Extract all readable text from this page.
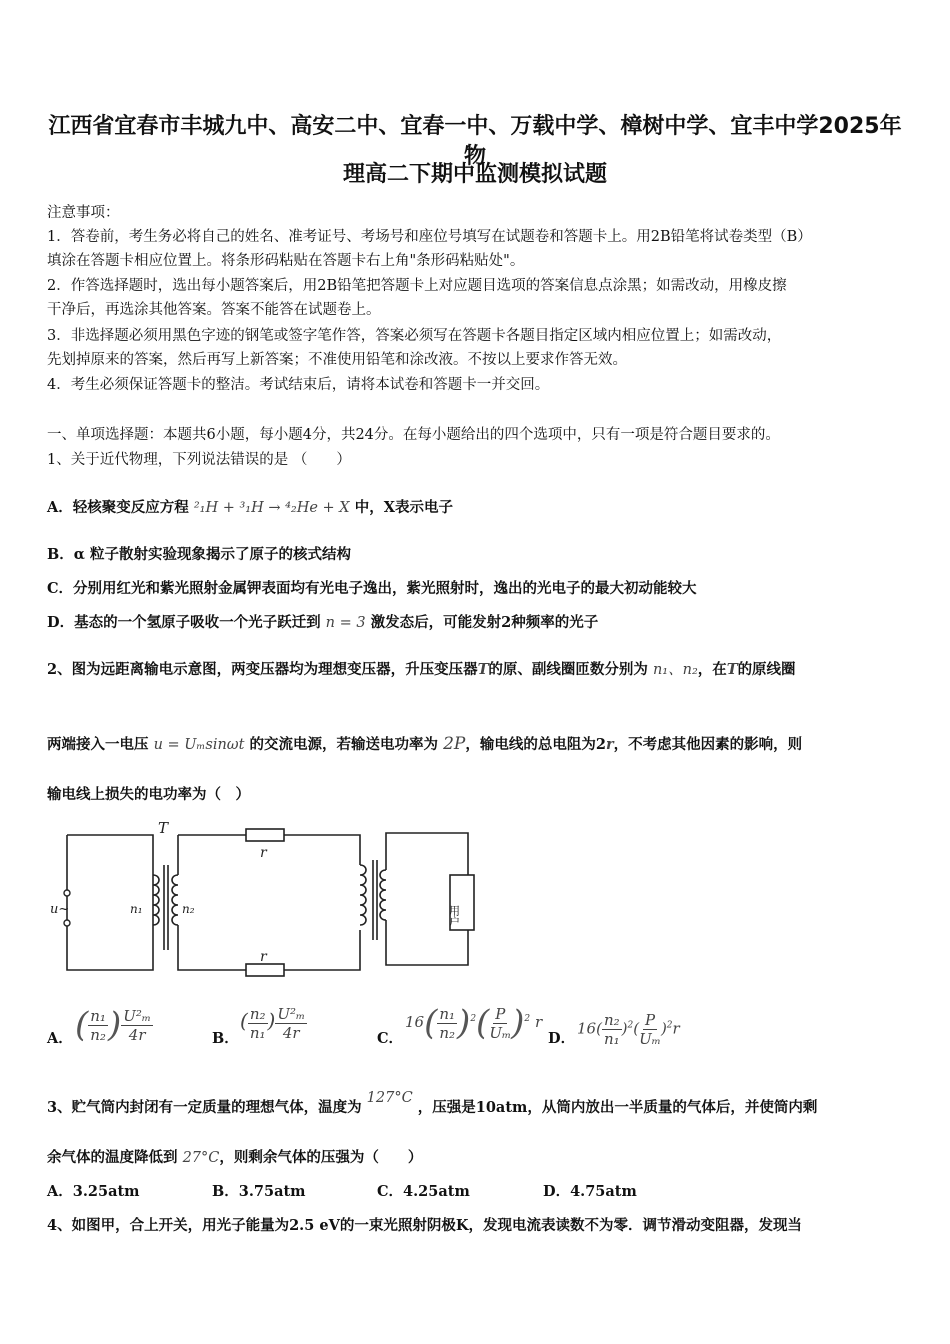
江西省宜春市丰城九中、高安二中、宜春一中、万载中学、樟树中学、宜丰中学2025年物
理高二下期中监测模拟试题
注意事项：
1．答卷前，考生务必将自己的姓名、准考证号、考场号和座位号填写在试题卷和答题卡上。用2B铅笔将试卷类型（B）
填涂在答题卡相应位置上。将条形码粘贴在答题卡右上角"条形码粘贴处"。
2．作答选择题时，选出每小题答案后，用2B铅笔把答题卡上对应题目选项的答案信息点涂黑；如需改动，用橡皮擦
干净后，再选涂其他答案。答案不能答在试题卷上。
3．非选择题必须用黑色字迹的钢笔或签字笔作答，答案必须写在答题卡各题目指定区域内相应位置上；如需改动，
先划掉原来的答案，然后再写上新答案；不准使用铅笔和涂改液。不按以上要求作答无效。
4．考生必须保证答题卡的整洁。考试结束后，请将本试卷和答题卡一并交回。
一、单项选择题：本题共6小题，每小题4分，共24分。在每小题给出的四个选项中，只有一项是符合题目要求的。
1、关于近代物理，下列说法错误的是 （　　）
A．轻核聚变反应方程 ²₁H + ³₁H → ⁴₂He + X 中，X表示电子
B．α 粒子散射实验现象揭示了原子的核式结构
C．分别用红光和紫光照射金属钾表面均有光电子逸出，紫光照射时，逸出的光电子的最大初动能较大
D．基态的一个氢原子吸收一个光子跃迁到 n = 3 激发态后，可能发射2种频率的光子
2、图为远距离输电示意图，两变压器均为理想变压器，升压变压器T的原、副线圈匝数分别为 n₁、n₂，在T的原线圈
两端接入一电压 u = Uₘsinωt 的交流电源，若输送电功率为 2P，输电线的总电阻为2r，不考虑其他因素的影响，则
输电线上损失的电功率为（　）
T
r
r
u~	n₁	n₂	用户
A． ( $\frac{\text{n₁}}{\text{n₂}}$ ) $\frac{\text{U²ₘ}}{4r}$	B．
( $\frac{\text{n₂}}{\text{n₁}}$ ) $\frac{\text{U²ₘ}}{4r}$	C．
$16( \frac{\text{n₁}}{\text{n₂}} )^2( \frac{P}{\text{Uₘ}} )^2$ r
D．
$16( \frac{\text{n₂}}{\text{n₁}} )^2( \frac{P}{\text{Uₘ}} )^2r$
3、贮气筒内封闭有一定质量的理想气体，温度为 127°C ，压强是10atm，从筒内放出一半质量的气体后，并使筒内剩
余气体的温度降低到 27°C，则剩余气体的压强为（　　）
A．3.25atm	B．3.75atm	C．4.25atm	D．4.75atm
4、如图甲，合上开关，用光子能量为2.5 eV的一束光照射阴极K，发现电流表读数不为零．调节滑动变阻器，发现当
